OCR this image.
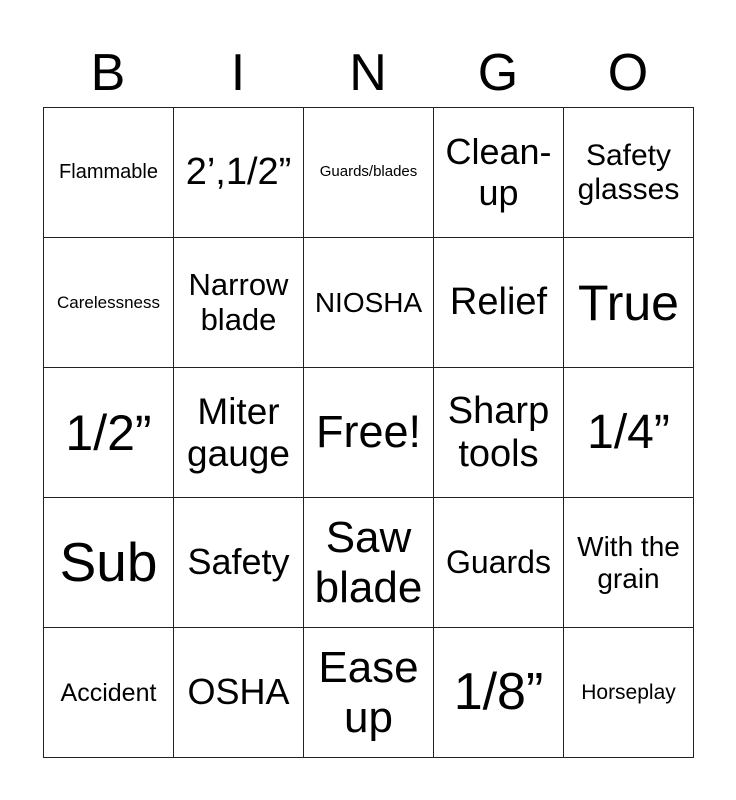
B	I	N	G	O
Flammable	2’,1/2”	Guards/blades	Clean-up	Safety glasses
Carelessness	Narrow blade	NIOSHA	Relief	True
1/2”	Miter gauge	Free!	Sharp tools	1/4”
Sub	Safety	Saw blade	Guards	With the grain
Accident	OSHA	Ease up	1/8”	Horseplay
